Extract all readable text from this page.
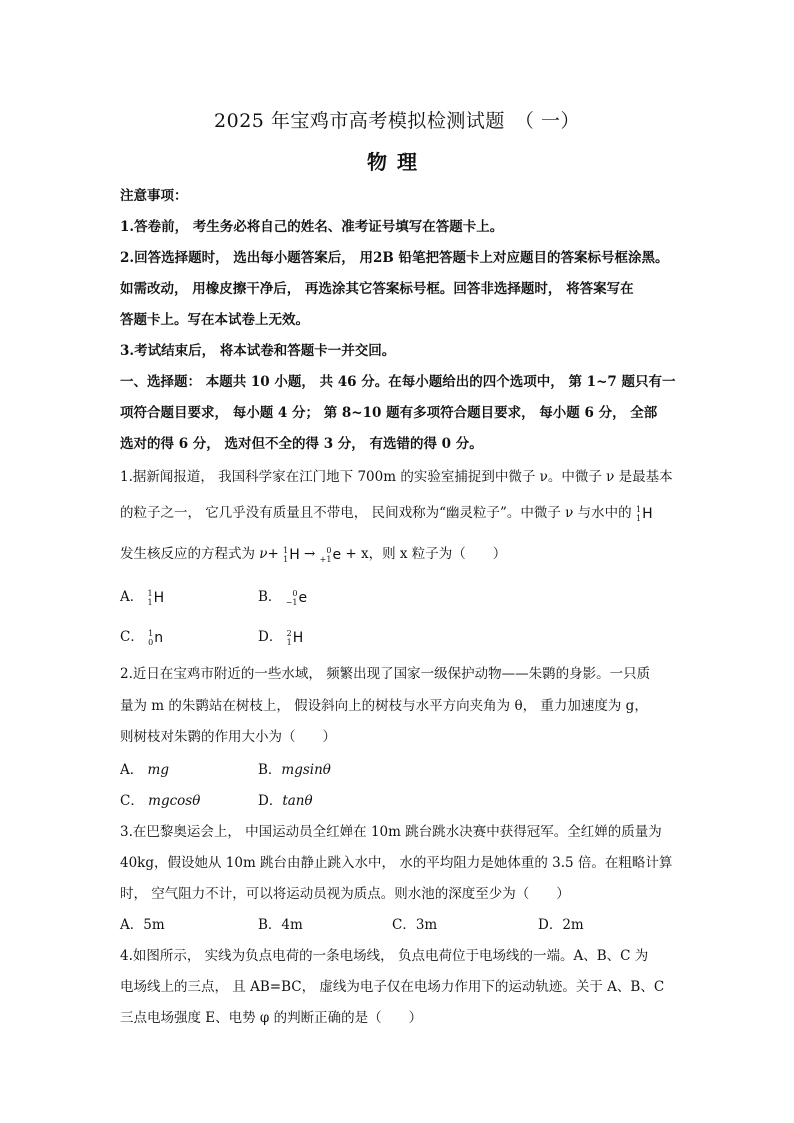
2025 年宝鸡市高考模拟检测试题　（ 一）
物理
注意事项：
1.答卷前， 考生务必将自己的姓名、准考证号填写在答题卡上。
2.回答选择题时， 选出每小题答案后， 用2B 铅笔把答题卡上对应题目的答案标号框涂黑。
如需改动， 用橡皮擦干净后， 再选涂其它答案标号框。回答非选择题时， 将答案写在
答题卡上。写在本试卷上无效。
3.考试结束后， 将本试卷和答题卡一并交回。
一、选择题： 本题共 10 小题， 共 46 分。在每小题给出的四个选项中， 第 1~7 题只有一
项符合题目要求， 每小题 4 分； 第 8~10 题有多项符合题目要求， 每小题 6 分， 全部
选对的得 6 分， 选对但不全的得 3 分， 有选错的得 0 分。
1.据新闻报道， 我国科学家在江门地下 700m 的实验室捕捉到中微子 ν。中微子 ν 是最基本
的粒子之一， 它几乎没有质量且不带电， 民间戏称为“幽灵粒子”。中微子 ν 与水中的 1
1 H
发生核反应的方程式为 ν+ 1
1 H →	0
+1 e + x，则 x 粒子为（　　）
A． 1
1 H	B．	0
−1 e
C． 1
0 n	D． 2
1 H
2.近日在宝鸡市附近的一些水域， 频繁出现了国家一级保护动物——朱鹮的身影。一只质
量为 m 的朱鹮站在树枝上， 假设斜向上的树枝与水平方向夹角为 θ， 重力加速度为 g，
则树枝对朱鹮的作用大小为（　　）
A． mg	B．mgsinθ
C． mgcosθ	D．tanθ
3.在巴黎奥运会上， 中国运动员全红婵在 10m 跳台跳水决赛中获得冠军。全红婵的质量为
40kg，假设她从 10m 跳台由静止跳入水中， 水的平均阻力是她体重的 3.5 倍。在粗略计算
时， 空气阻力不计，可以将运动员视为质点。则水池的深度至少为（　　）
A．5m	B．4m	C．3m	D．2m
4.如图所示， 实线为负点电荷的一条电场线， 负点电荷位于电场线的一端。A、B、C 为
电场线上的三点， 且 AB=BC， 虚线为电子仅在电场力作用下的运动轨迹。关于 A、B、C
三点电场强度 E、电势 φ 的判断正确的是（　　）
